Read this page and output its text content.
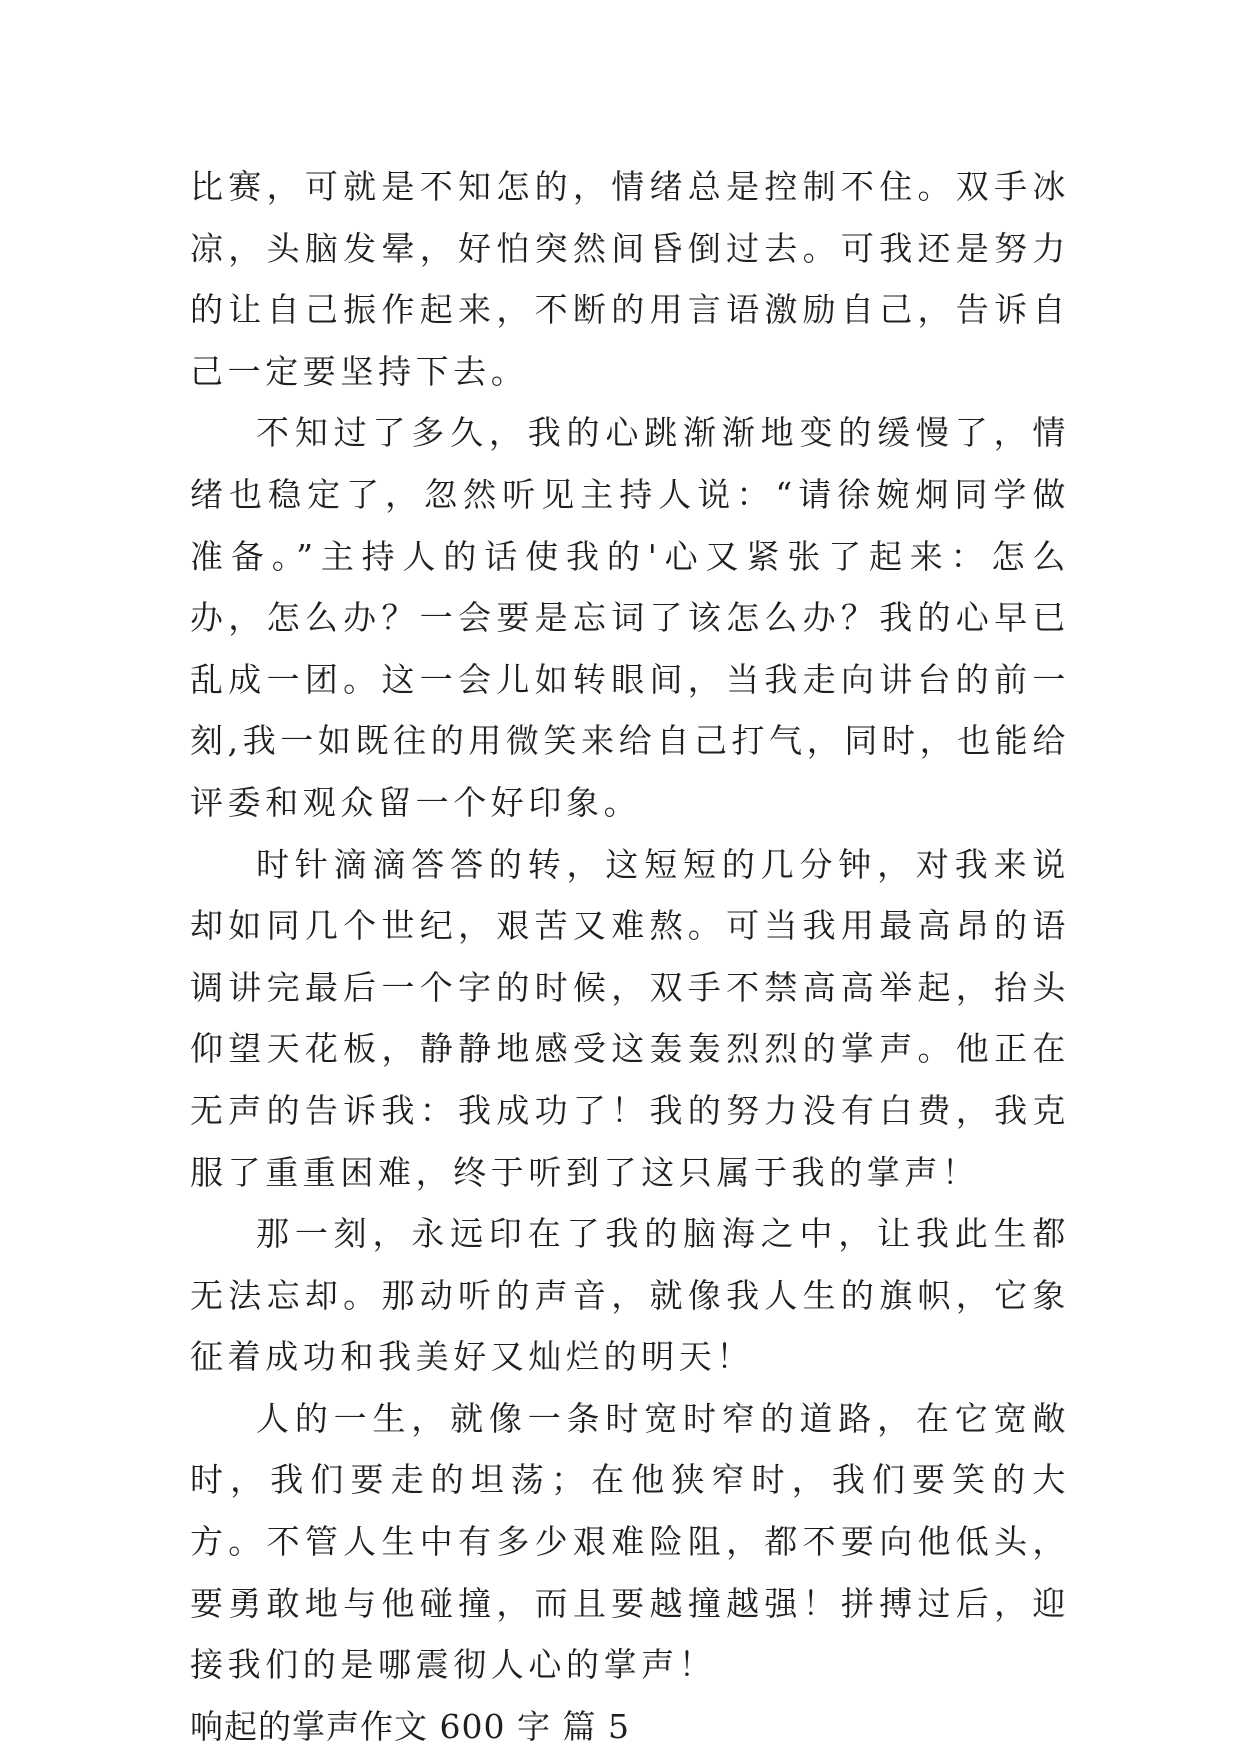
比赛，可就是不知怎的，情绪总是控制不住。双手冰凉，头脑发晕，好怕突然间昏倒过去。可我还是努力的让自己振作起来，不断的用言语激励自己，告诉自己一定要坚持下去。

不知过了多久，我的心跳渐渐地变的缓慢了，情绪也稳定了，忽然听见主持人说：“请徐婉炯同学做准备。”主持人的话使我的'心又紧张了起来：怎么办，怎么办？一会要是忘词了该怎么办？我的心早已乱成一团。这一会儿如转眼间，当我走向讲台的前一刻,我一如既往的用微笑来给自己打气，同时，也能给评委和观众留一个好印象。

时针滴滴答答的转，这短短的几分钟，对我来说却如同几个世纪，艰苦又难熬。可当我用最高昂的语调讲完最后一个字的时候，双手不禁高高举起，抬头仰望天花板，静静地感受这轰轰烈烈的掌声。他正在无声的告诉我：我成功了！我的努力没有白费，我克服了重重困难，终于听到了这只属于我的掌声！

那一刻，永远印在了我的脑海之中，让我此生都无法忘却。那动听的声音，就像我人生的旗帜，它象征着成功和我美好又灿烂的明天！

人的一生，就像一条时宽时窄的道路，在它宽敞时，我们要走的坦荡；在他狭窄时，我们要笑的大方。不管人生中有多少艰难险阻，都不要向他低头，要勇敢地与他碰撞，而且要越撞越强！拼搏过后，迎接我们的是哪震彻人心的掌声！

响起的掌声作文 600 字 篇 5
